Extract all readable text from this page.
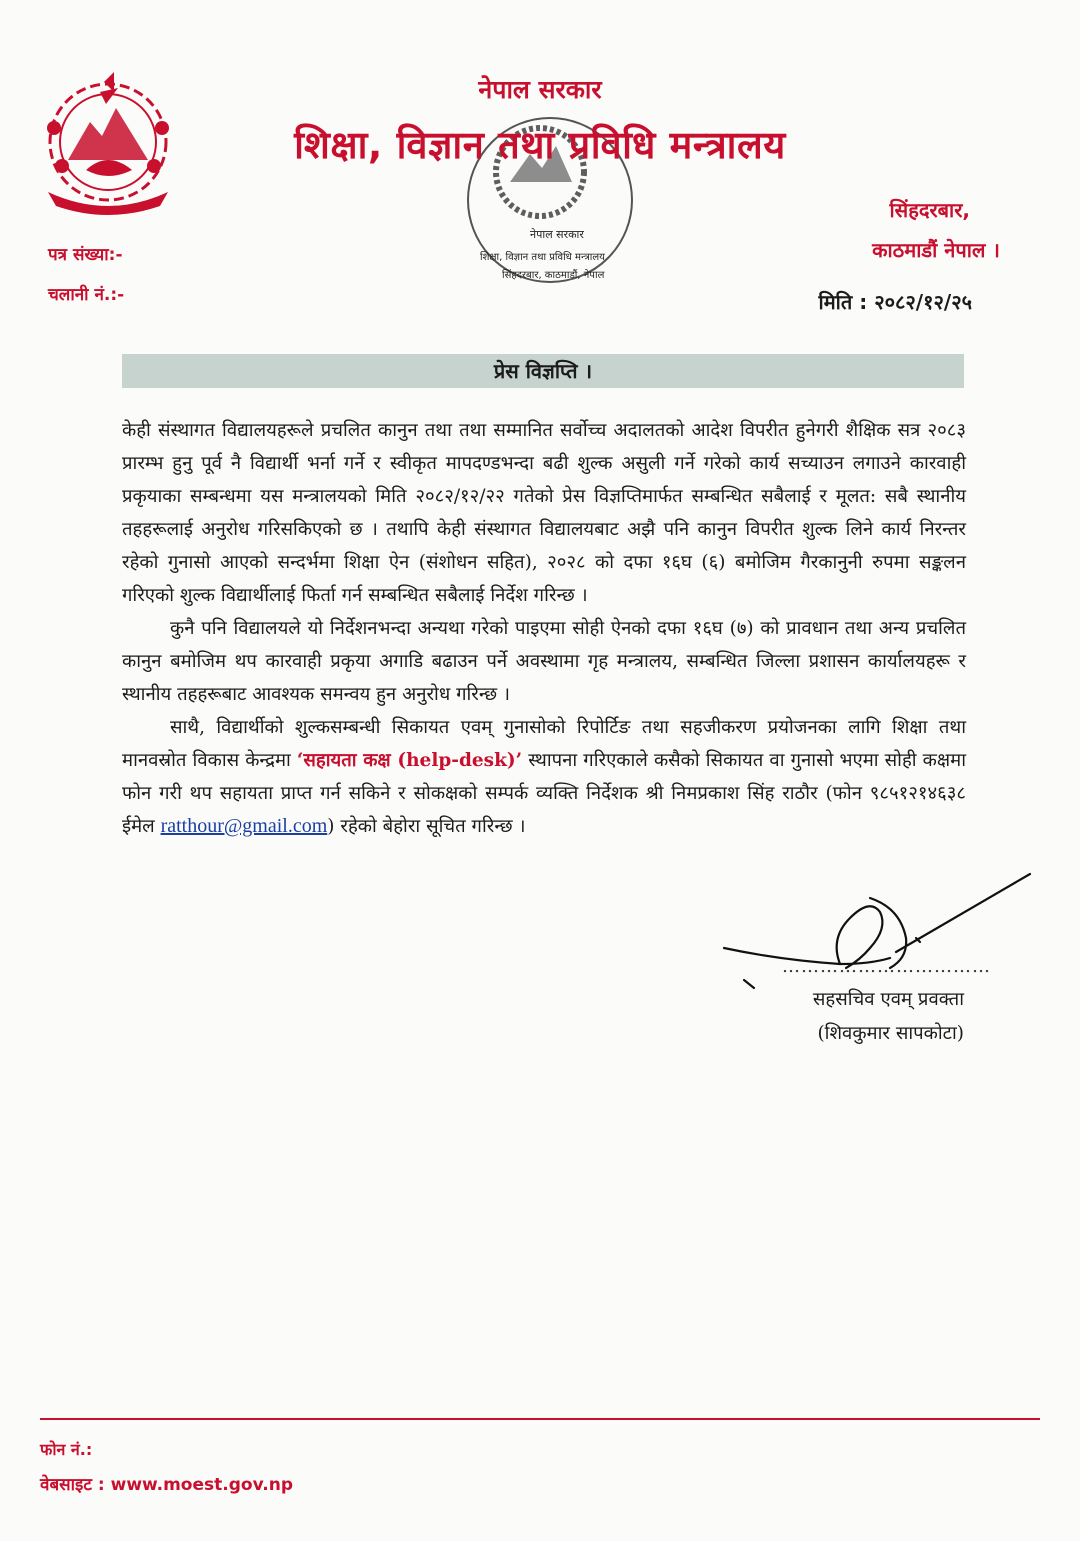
नेपाल सरकार
शिक्षा, विज्ञान तथा प्रविधि मन्त्रालय
सिंहदरबार, काठमाडौं, नेपाल
नेपाल सरकार
शिक्षा, विज्ञान तथा प्रविधि मन्त्रालय
सिंहदरबार,
काठमाडौं नेपाल ।
पत्र संख्या:-
चलानी नं.:-	मिति : २०८२/१२/२५
प्रेस विज्ञप्ति ।

केही संस्थागत विद्यालयहरूले प्रचलित कानुन तथा तथा सम्मानित सर्वोच्च अदालतको आदेश विपरीत हुनेगरी शैक्षिक सत्र २०८३ प्रारम्भ हुनु पूर्व नै विद्यार्थी भर्ना गर्ने र स्वीकृत मापदण्डभन्दा बढी शुल्क असुली गर्ने गरेको कार्य सच्याउन लगाउने कारवाही प्रकृयाका सम्बन्धमा यस मन्त्रालयको मिति २०८२/१२/२२ गतेको प्रेस विज्ञप्तिमार्फत सम्बन्धित सबैलाई र मूलत: सबै स्थानीय तहहरूलाई अनुरोध गरिसकिएको छ । तथापि केही संस्थागत विद्यालयबाट अझै पनि कानुन विपरीत शुल्क लिने कार्य निरन्तर रहेको गुनासो आएको सन्दर्भमा शिक्षा ऐन (संशोधन सहित), २०२८ को दफा १६घ (६) बमोजिम गैरकानुनी रुपमा सङ्कलन गरिएको शुल्क विद्यार्थीलाई फिर्ता गर्न सम्बन्धित सबैलाई निर्देश गरिन्छ ।

कुनै पनि विद्यालयले यो निर्देशनभन्दा अन्यथा गरेको पाइएमा सोही ऐनको दफा १६घ (७) को प्रावधान तथा अन्य प्रचलित कानुन बमोजिम थप कारवाही प्रकृया अगाडि बढाउन पर्ने अवस्थामा गृह मन्त्रालय, सम्बन्धित जिल्ला प्रशासन कार्यालयहरू र स्थानीय तहहरूबाट आवश्यक समन्वय हुन अनुरोध गरिन्छ ।

साथै, विद्यार्थीको शुल्कसम्बन्धी सिकायत एवम् गुनासोको रिपोर्टिङ तथा सहजीकरण प्रयोजनका लागि शिक्षा तथा मानवस्रोत विकास केन्द्रमा ‘सहायता कक्ष (help-desk)’ स्थापना गरिएकाले कसैको सिकायत वा गुनासो भएमा सोही कक्षमा फोन गरी थप सहायता प्राप्त गर्न सकिने र सोकक्षको सम्पर्क व्यक्ति निर्देशक श्री निमप्रकाश सिंह राठौर (फोन ९८५१२१४६३८ ईमेल ratthour@gmail.com) रहेको बेहोरा सूचित गरिन्छ ।

……………………………
सहसचिव एवम् प्रवक्ता
(शिवकुमार सापकोटा)
फोन नं.:
वेबसाइट : www.moest.gov.np
